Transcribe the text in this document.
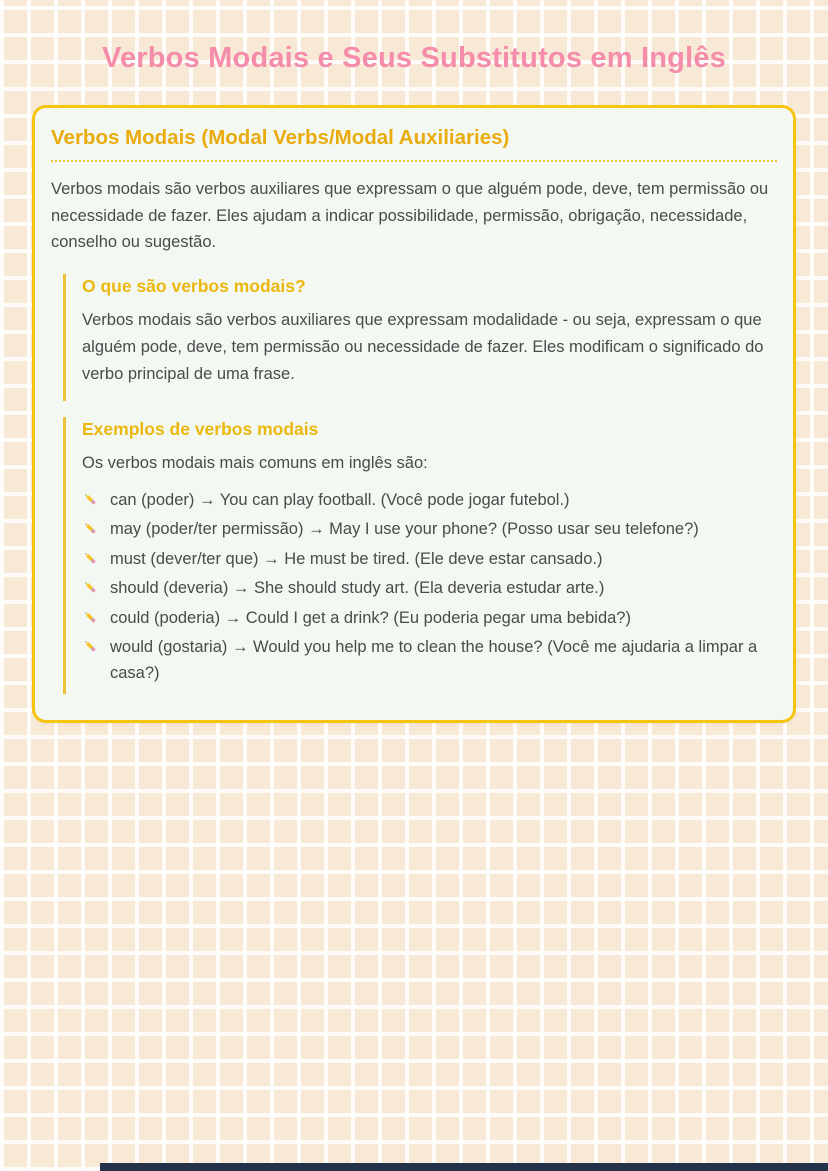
Verbos Modais e Seus Substitutos em Inglês
Verbos Modais (Modal Verbs/Modal Auxiliaries)

Verbos modais são verbos auxiliares que expressam o que alguém pode, deve, tem permissão ou necessidade de fazer. Eles ajudam a indicar possibilidade, permissão, obrigação, necessidade, conselho ou sugestão.

O que são verbos modais?

Verbos modais são verbos auxiliares que expressam modalidade - ou seja, expressam o que alguém pode, deve, tem permissão ou necessidade de fazer. Eles modificam o significado do verbo principal de uma frase.

Exemplos de verbos modais

Os verbos modais mais comuns em inglês são:

can (poder) → You can play football. (Você pode jogar futebol.)
may (poder/ter permissão) → May I use your phone? (Posso usar seu telefone?)
must (dever/ter que) → He must be tired. (Ele deve estar cansado.)
should (deveria) → She should study art. (Ela deveria estudar arte.)
could (poderia) → Could I get a drink? (Eu poderia pegar uma bebida?)
would (gostaria) → Would you help me to clean the house? (Você me ajudaria a limpar a casa?)
